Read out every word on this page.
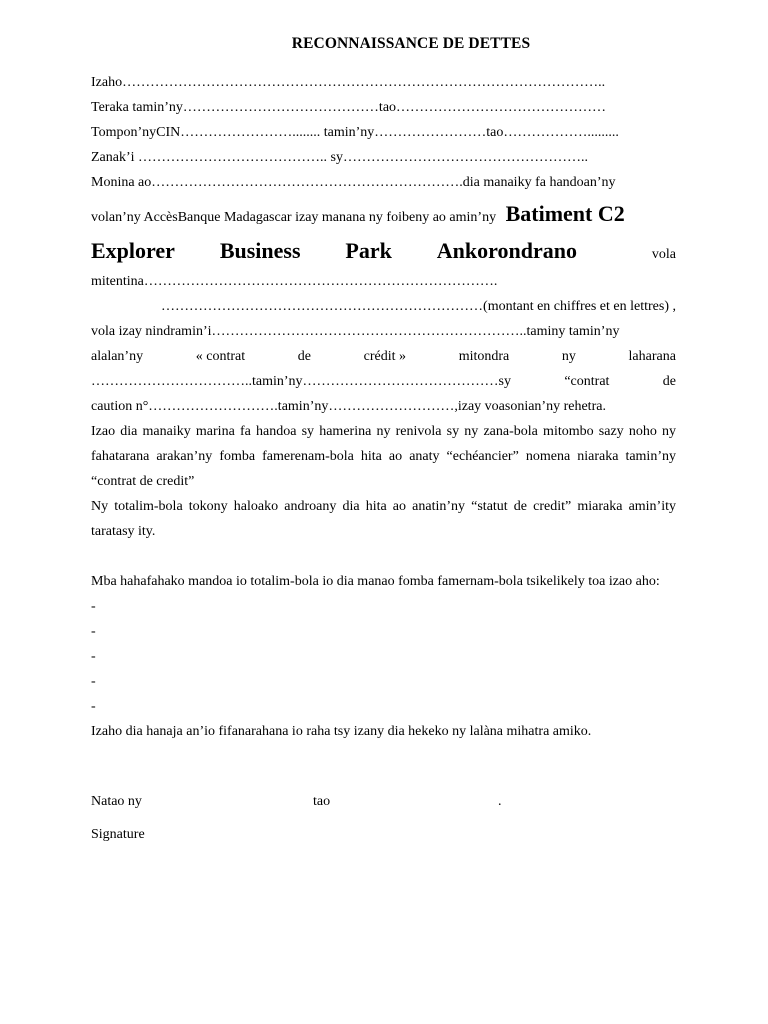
RECONNAISSANCE DE DETTES
Izaho…………………………………………………………………………………………..
Teraka tamin’ny……………………………………tao………………………………………
Tompon’nyCIN……………………........ tamin’ny……………………tao……………….........
Zanak’i ………………………………….. sy……………………………………………..
Monina ao………………………………………………………….dia manaiky fa handoan’ny
volan’ny AccèsBanque Madagascar izay manana ny foibeny ao amin’ny Batiment C2
Explorer Business Park Ankorondrano	vola
mitentina………………………………………………………………….
……………………………………………………………(montant en chiffres et en lettres) ,
vola izay nindramin’i…………………………………………………………..taminy tamin’ny
alalan’ny	« contrat	de	crédit »	mitondra	ny	laharana
……………………………..tamin’ny……………………………………sy	“contrat	de
caution n°……………………….tamin’ny………………………,izay voasonian’ny rehetra.
Izao dia manaiky marina fa handoa sy hamerina ny renivola sy ny zana-bola mitombo sazy noho ny fahatarana arakan’ny fomba famerenam-bola hita ao anaty “echéancier” nomena niaraka tamin’ny “contrat de credit”
Ny totalim-bola tokony haloako androany dia hita ao anatin’ny “statut de credit” miaraka amin’ity taratasy ity.
Mba hahafahako mandoa io totalim-bola io dia manao fomba famernam-bola tsikelikely toa izao aho:
-
-
-
-
-
Izaho dia hanaja an’io fifanarahana io raha tsy izany dia hekeko ny lalàna mihatra amiko.
Natao ny	tao	.
Signature
